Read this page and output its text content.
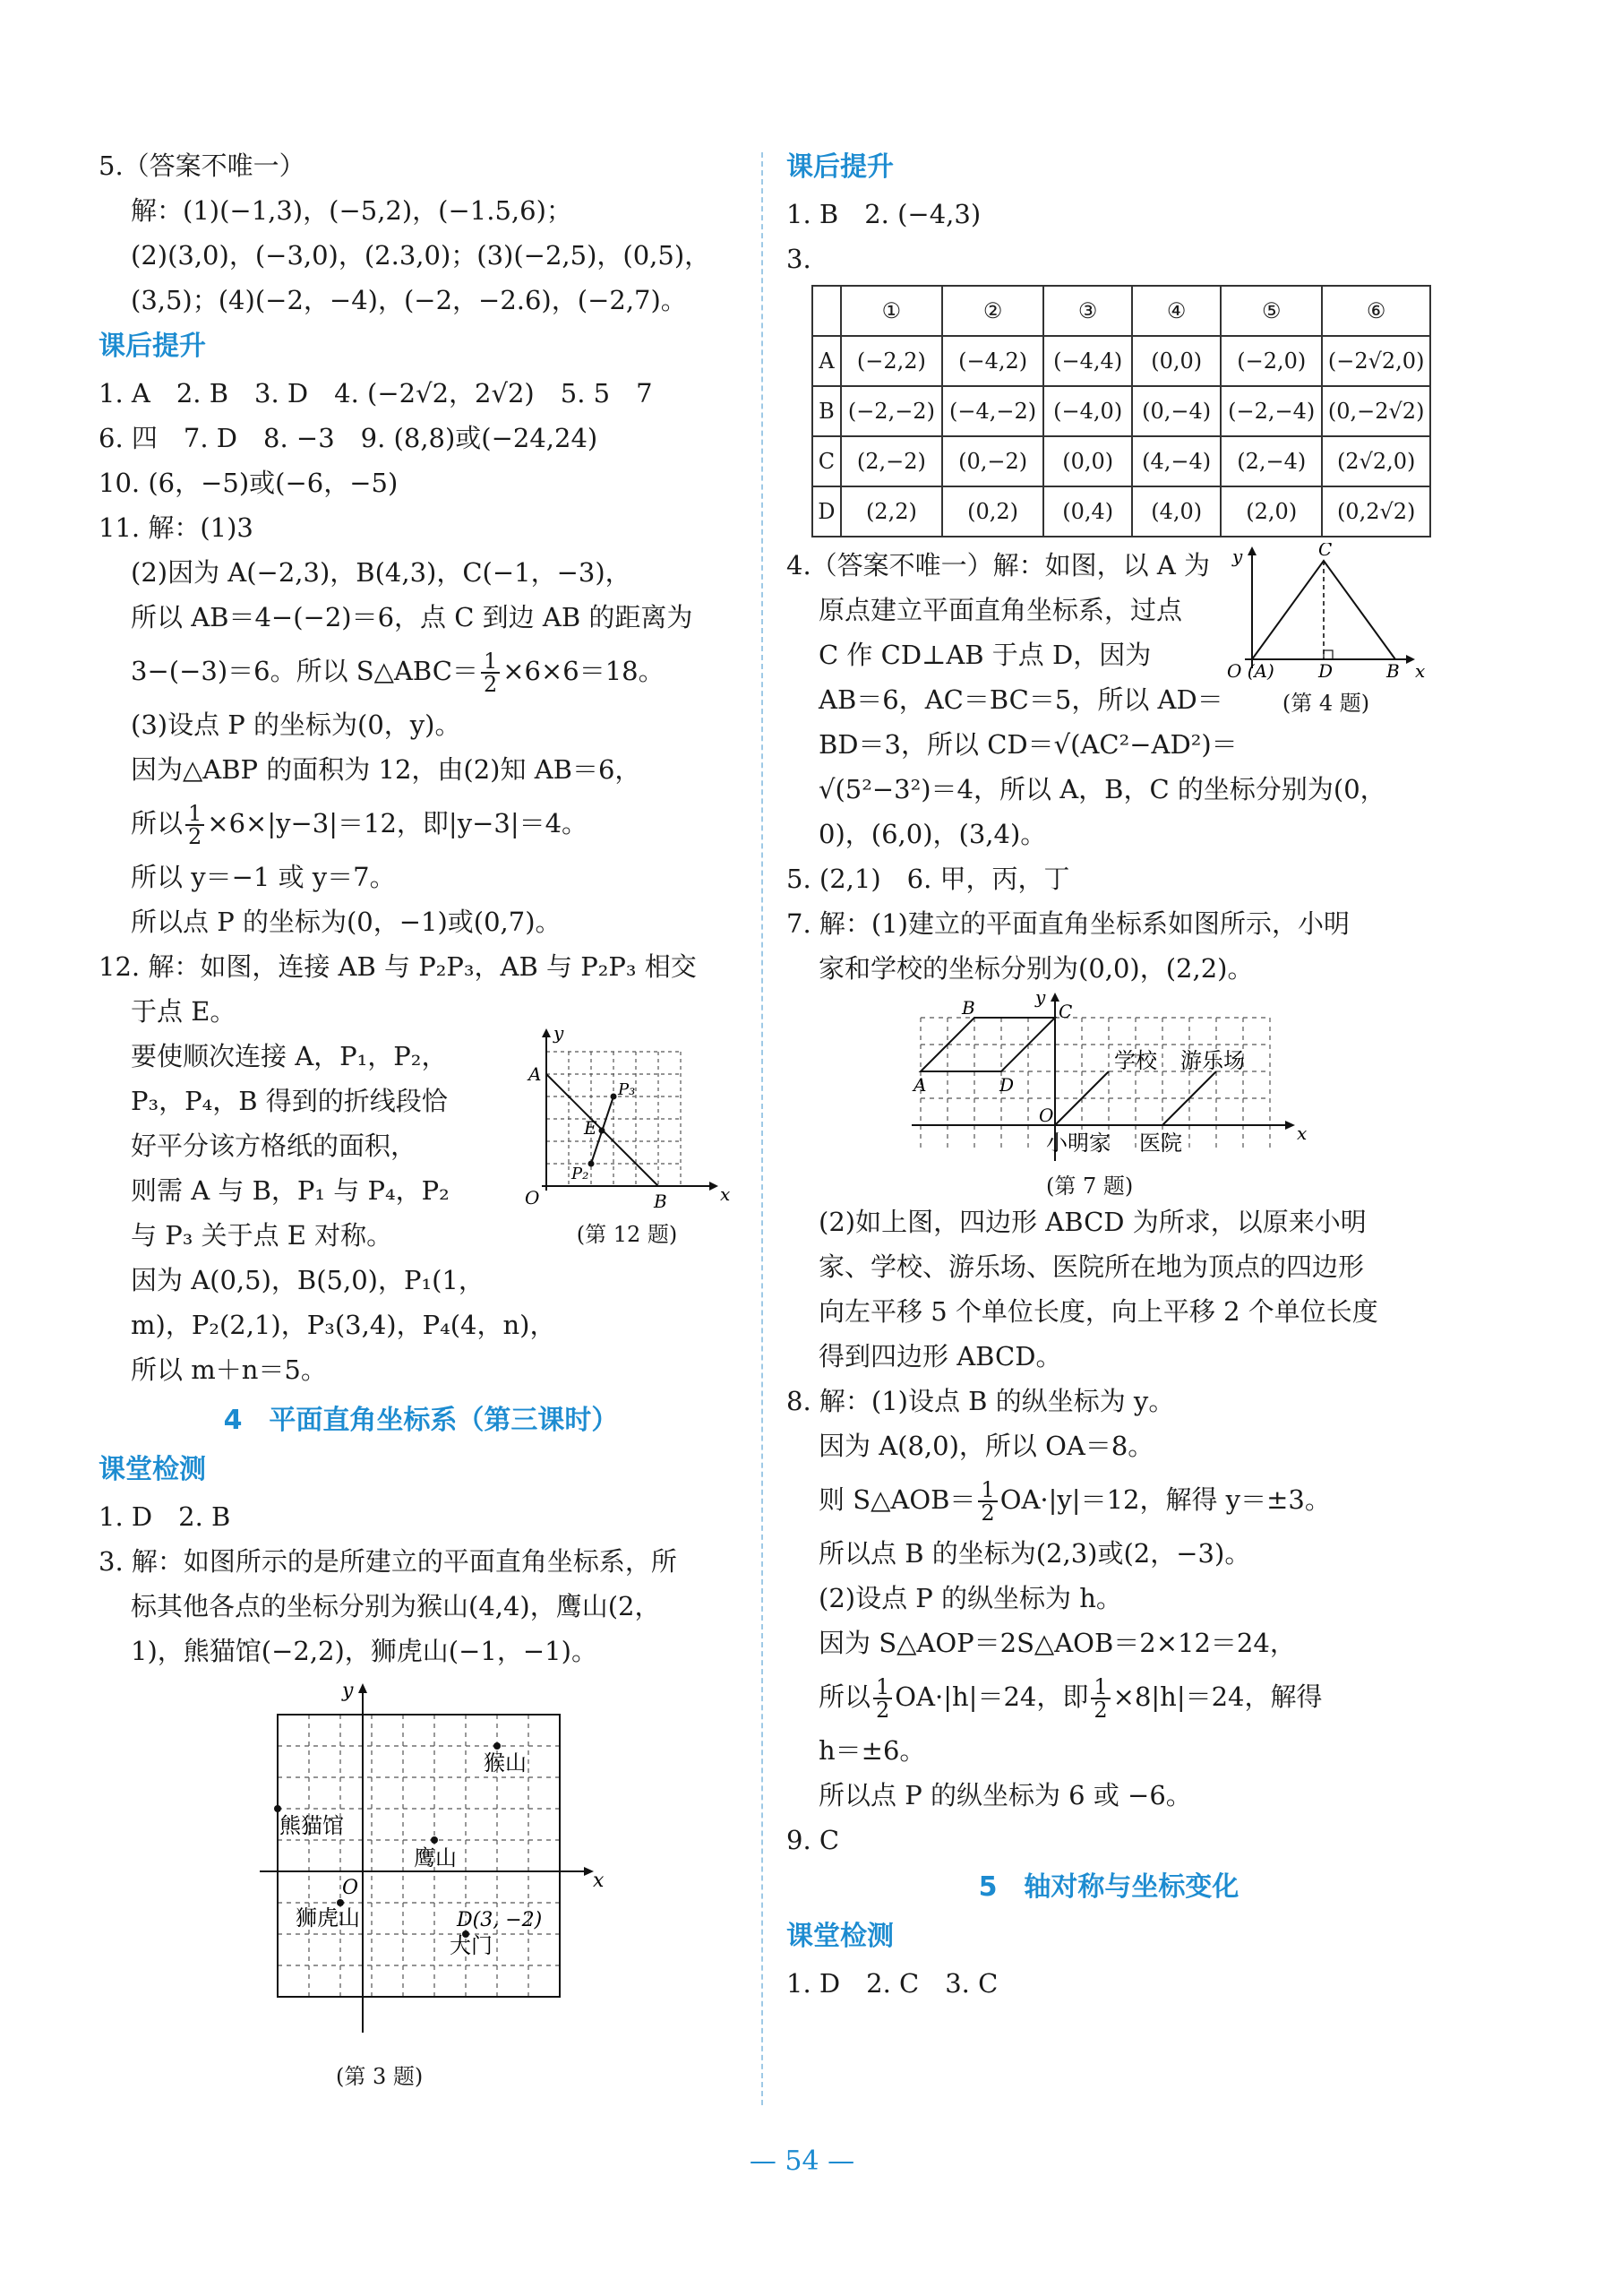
5.（答案不唯一）
解：(1)(−1,3)，(−5,2)，(−1.5,6)；
(2)(3,0)，(−3,0)，(2.3,0)；(3)(−2,5)，(0,5)，
(3,5)；(4)(−2，−4)，(−2，−2.6)，(−2,7)。
课后提升
1. A　2. B　3. D　4. (−2√2，2√2)　5. 5　7
6. 四　7. D　8. −3　9. (8,8)或(−24,24)
10. (6，−5)或(−6，−5)
11. 解：(1)3
(2)因为 A(−2,3)，B(4,3)，C(−1，−3)，
所以 AB＝4−(−2)＝6，点 C 到边 AB 的距离为
3−(−3)＝6。所以 S△ABC＝ $\frac{1}{2} \times 6\times 6=18$。
(3)设点 P 的坐标为(0，y)。
因为△ABP 的面积为 12，由(2)知 AB＝6，
所以 $\frac{1}{2} \times 6\times|y-3|=12$，即|y−3|＝4。
所以 y＝−1 或 y＝7。
所以点 P 的坐标为(0，−1)或(0,7)。
12. 解：如图，连接 AB 与 P₂P₃，AB 与 P₂P₃ 相交
于点 E。
要使顺次连接 A，P₁，P₂，
P₃，P₄，B 得到的折线段恰
好平分该方格纸的面积，
则需 A 与 B，P₁ 与 P₄，P₂
与 P₃ 关于点 E 对称。
因为 A(0,5)，B(5,0)，P₁(1，
m)，P₂(2,1)，P₃(3,4)，P₄(4，n)，
所以 m＋n＝5。
y
x
O
A
B
E
P₂
P₃
(第 12 题)
4　平面直角坐标系（第三课时）
课堂检测
1. D　2. B
3. 解：如图所示的是所建立的平面直角坐标系，所
标其他各点的坐标分别为猴山(4,4)，鹰山(2，
1)，熊猫馆(−2,2)，狮虎山(−1，−1)。
y
x
O
猴山
熊猫馆
鹰山
狮虎山	D(3, −2)
大门
(第 3 题)
课后提升
1. B　2. (−4,3)
3.
	①	②	③	④	⑤	⑥
A	(−2,2)	(−4,2)	(−4,4)	(0,0)	(−2,0)	(−2√2,0)
B	(−2,−2)	(−4,−2)	(−4,0)	(0,−4)	(−2,−4)	(0,−2√2)
C	(2,−2)	(0,−2)	(0,0)	(4,−4)	(2,−4)	(2√2,0)
D	(2,2)	(0,2)	(0,4)	(4,0)	(2,0)	(0,2√2)
4.（答案不唯一）解：如图，以 A 为
原点建立平面直角坐标系，过点
C 作 CD⊥AB 于点 D，因为
AB＝6，AC＝BC＝5，所以 AD＝
BD＝3，所以 CD＝√(AC²−AD²)＝
√(5²−3²)＝4，所以 A，B，C 的坐标分别为(0，
0)，(6,0)，(3,4)。
y
x
C
O (A) D	B
(第 4 题)
5. (2,1)　6. 甲，丙，丁
7. 解：(1)建立的平面直角坐标系如图所示，小明
家和学校的坐标分别为(0,0)，(2,2)。
y
x
O
B	C
A	D
学校 游乐场
小明家 医院
(第 7 题)
(2)如上图，四边形 ABCD 为所求，以原来小明
家、学校、游乐场、医院所在地为顶点的四边形
向左平移 5 个单位长度，向上平移 2 个单位长度
得到四边形 ABCD。
8. 解：(1)设点 B 的纵坐标为 y。
因为 A(8,0)，所以 OA＝8。
则 S△AOB＝ $\frac{1}{2} OA\cdot|y|=12$，解得 y＝±3。
所以点 B 的坐标为(2,3)或(2，−3)。
(2)设点 P 的纵坐标为 h。
因为 S△AOP＝2S△AOB＝2×12＝24，
所以 $\frac{1}{2} OA\cdot|h|=24$，即 $\frac{1}{2} \times 8|h|=24$，解得
h＝±6。
所以点 P 的纵坐标为 6 或 −6。
9. C
5　轴对称与坐标变化
课堂检测
1. D　2. C　3. C
— 54 —
